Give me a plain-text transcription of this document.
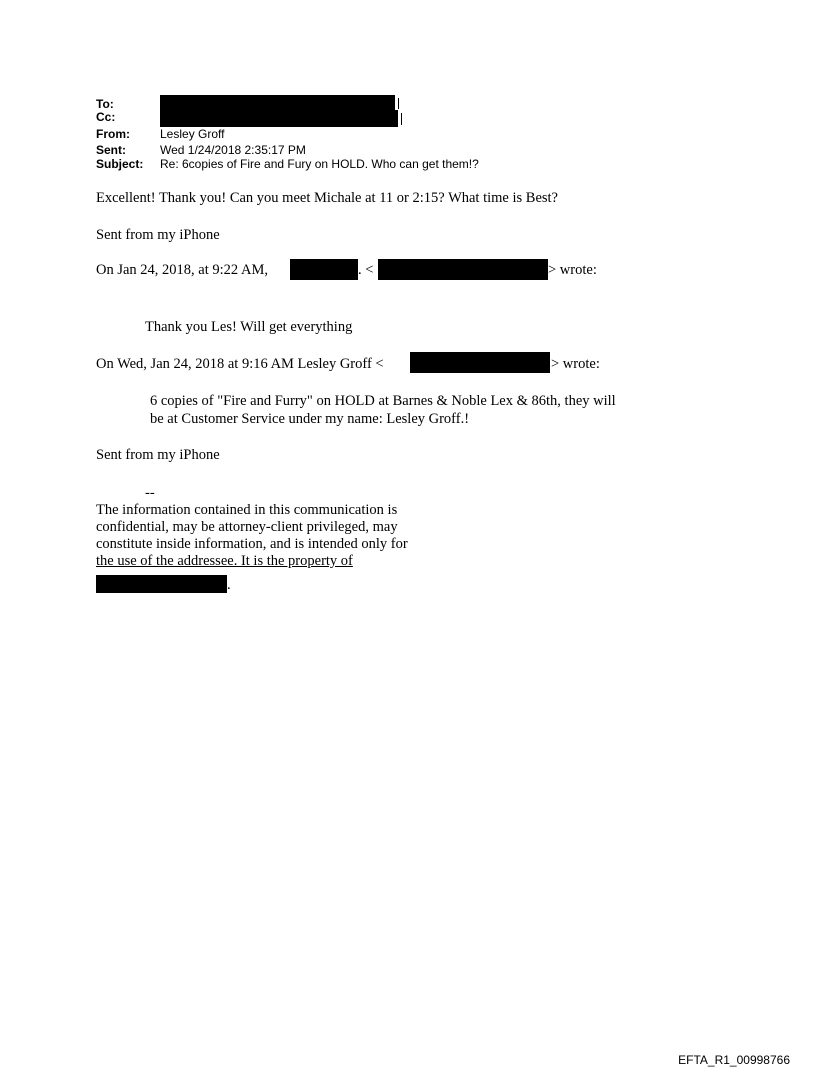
To:
Cc:
From:	Lesley Groff
Sent:	Wed 1/24/2018 2:35:17 PM
Subject: Re: 6copies of Fire and Fury on HOLD. Who can get them!?
Excellent! Thank you! Can you meet Michale at 11 or 2:15? What time is Best?
Sent from my iPhone
On Jan 24, 2018, at 9:22 AM,	. <	> wrote:
Thank you Les! Will get everything
On Wed, Jan 24, 2018 at 9:16 AM Lesley Groff <	> wrote:
6 copies of "Fire and Furry" on HOLD at Barnes & Noble Lex & 86th, they will
be at Customer Service under my name: Lesley Groff.!
Sent from my iPhone
--
The information contained in this communication is
confidential, may be attorney-client privileged, may
constitute inside information, and is intended only for
the use of the addressee. It is the property of
.
EFTA_R1_00998766
